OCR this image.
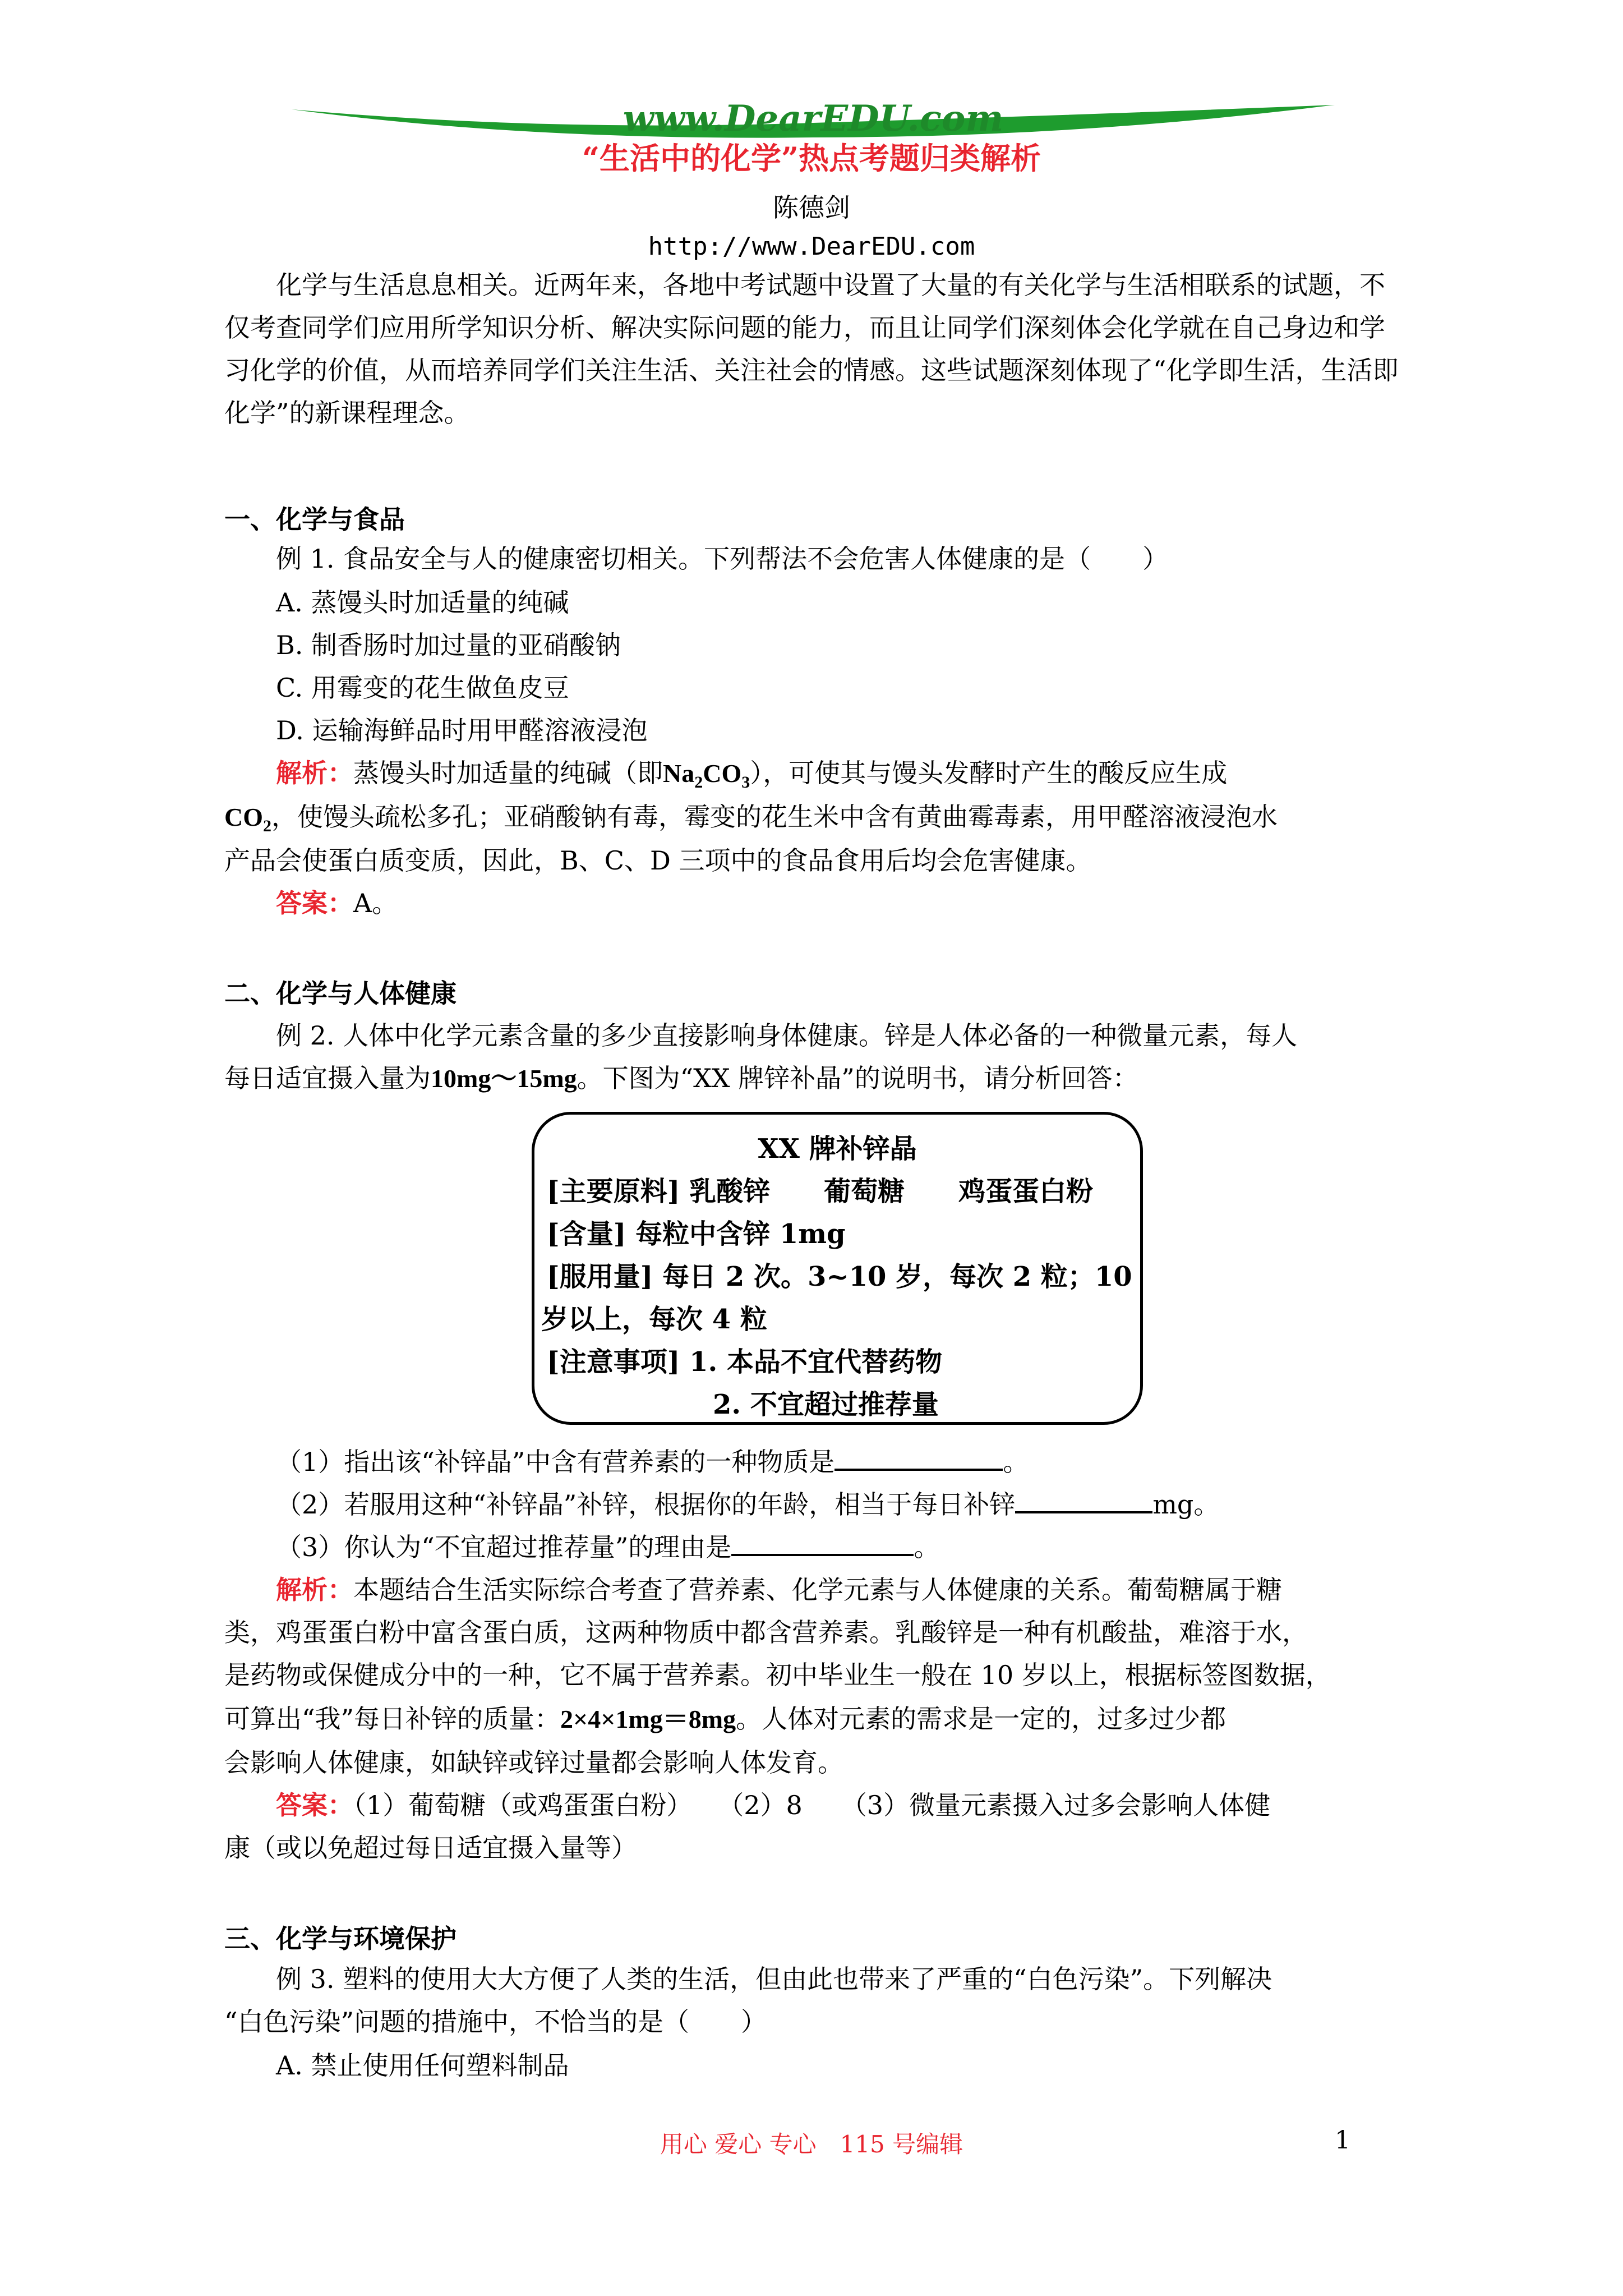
www.DearEDU.com
“生活中的化学”热点考题归类解析
陈德剑
http://www.DearEDU.com
化学与生活息息相关。近两年来，各地中考试题中设置了大量的有关化学与生活相联系的试题，不仅考查同学们应用所学知识分析、解决实际问题的能力，而且让同学们深刻体会化学就在自己身边和学习化学的价值，从而培养同学们关注生活、关注社会的情感。这些试题深刻体现了“化学即生活，生活即化学”的新课程理念。
一、化学与食品
例 1. 食品安全与人的健康密切相关。下列帮法不会危害人体健康的是（　　）
A. 蒸馒头时加适量的纯碱
B. 制香肠时加过量的亚硝酸钠
C. 用霉变的花生做鱼皮豆
D. 运输海鲜品时用甲醛溶液浸泡
解析：蒸馒头时加适量的纯碱（即$Na_2CO_3$），可使其与馒头发酵时产生的酸反应生成
$CO_2$，使馒头疏松多孔；亚硝酸钠有毒，霉变的花生米中含有黄曲霉毒素，用甲醛溶液浸泡水
产品会使蛋白质变质，因此，B、C、D 三项中的食品食用后均会危害健康。
答案：A。
二、化学与人体健康
例 2. 人体中化学元素含量的多少直接影响身体健康。锌是人体必备的一种微量元素，每人
每日适宜摄入量为10mg～15mg。下图为“XX 牌锌补晶”的说明书，请分析回答：
XX 牌补锌晶
[主要原料] 乳酸锌　　葡萄糖　　鸡蛋蛋白粉
[含量] 每粒中含锌 1mg
[服用量] 每日 2 次。3~10 岁，每次 2 粒；10
岁以上，每次 4 粒
[注意事项] 1. 本品不宜代替药物
2. 不宜超过推荐量
（1）指出该“补锌晶”中含有营养素的一种物质是	。
（2）若服用这种“补锌晶”补锌，根据你的年龄，相当于每日补锌	mg。
（3）你认为“不宜超过推荐量”的理由是	。
解析：本题结合生活实际综合考查了营养素、化学元素与人体健康的关系。葡萄糖属于糖
类，鸡蛋蛋白粉中富含蛋白质，这两种物质中都含营养素。乳酸锌是一种有机酸盐，难溶于水，
是药物或保健成分中的一种，它不属于营养素。初中毕业生一般在 10 岁以上，根据标签图数据，
可算出“我”每日补锌的质量：2×4×1mg＝8mg。人体对元素的需求是一定的，过多过少都
会影响人体健康，如缺锌或锌过量都会影响人体发育。
答案：（1）葡萄糖（或鸡蛋蛋白粉）　　（2）8　　（3）微量元素摄入过多会影响人体健
康（或以免超过每日适宜摄入量等）
三、化学与环境保护
例 3. 塑料的使用大大方便了人类的生活，但由此也带来了严重的“白色污染”。下列解决
“白色污染”问题的措施中，不恰当的是（　　）
A. 禁止使用任何塑料制品
用心 爱心 专心　115 号编辑	1
